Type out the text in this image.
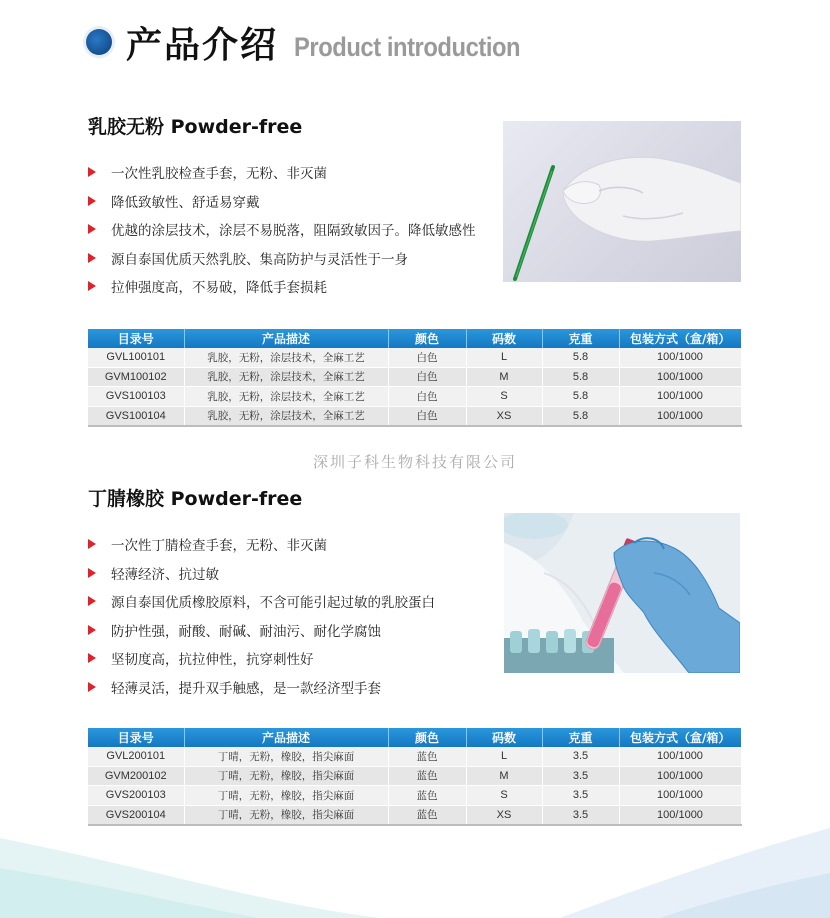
产品介绍 Product introduction
乳胶无粉 Powder-free
一次性乳胶检查手套，无粉、非灭菌
降低致敏性、舒适易穿戴
优越的涂层技术，涂层不易脱落，阻隔致敏因子。降低敏感性
源自泰国优质天然乳胶、集高防护与灵活性于一身
拉伸强度高，不易破，降低手套损耗
目录号	产品描述	颜色	码数	克重	包装方式（盒/箱）
GVL100101	乳胶，无粉，涂层技术，全麻工艺	白色	L	5.8	100/1000
GVM100102	乳胶，无粉，涂层技术，全麻工艺	白色	M	5.8	100/1000
GVS100103	乳胶，无粉，涂层技术，全麻工艺	白色	S	5.8	100/1000
GVS100104	乳胶，无粉，涂层技术，全麻工艺	白色	XS	5.8	100/1000
深圳子科生物科技有限公司
丁腈橡胶 Powder-free
一次性丁腈检查手套，无粉、非灭菌
轻薄经济、抗过敏
源自泰国优质橡胶原料，不含可能引起过敏的乳胶蛋白
防护性强，耐酸、耐碱、耐油污、耐化学腐蚀
坚韧度高，抗拉伸性，抗穿刺性好
轻薄灵活，提升双手触感，是一款经济型手套
目录号	产品描述	颜色	码数	克重	包装方式（盒/箱）
GVL200101	丁晴，无粉，橡胶，指尖麻面	蓝色	L	3.5	100/1000
GVM200102	丁晴，无粉，橡胶，指尖麻面	蓝色	M	3.5	100/1000
GVS200103	丁晴，无粉，橡胶，指尖麻面	蓝色	S	3.5	100/1000
GVS200104	丁晴，无粉，橡胶，指尖麻面	蓝色	XS	3.5	100/1000
